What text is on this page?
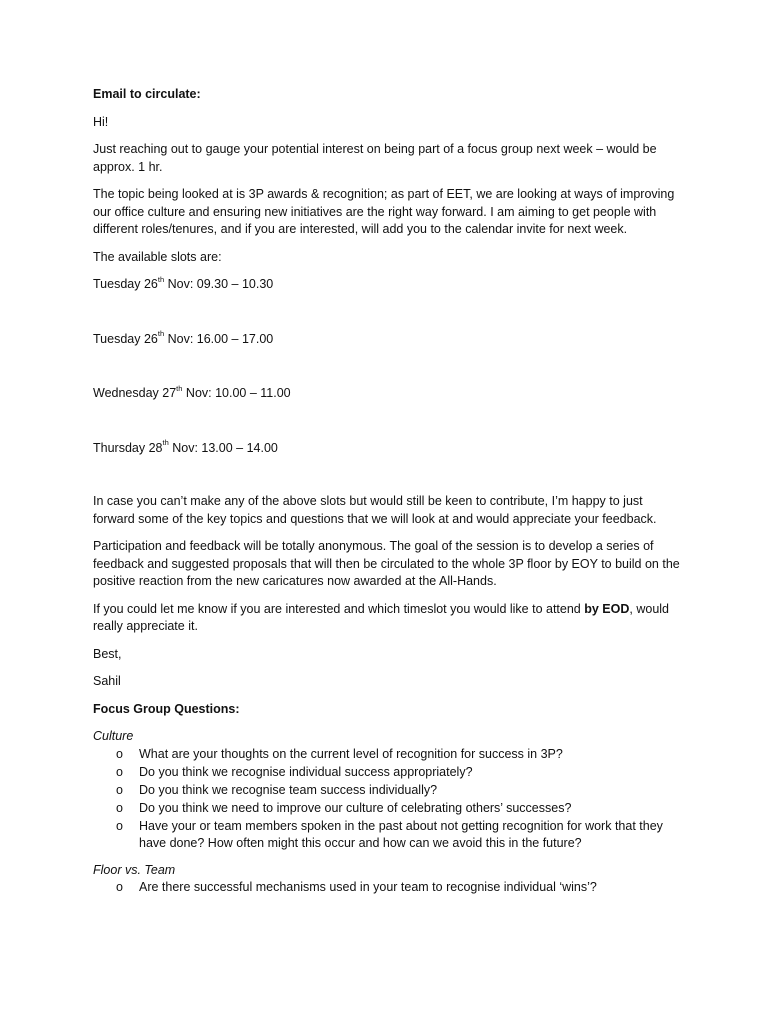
Email to circulate:

Hi!

Just reaching out to gauge your potential interest on being part of a focus group next week – would be approx. 1 hr.

The topic being looked at is 3P awards & recognition; as part of EET, we are looking at ways of improving our office culture and ensuring new initiatives are the right way forward. I am aiming to get people with different roles/tenures, and if you are interested, will add you to the calendar invite for next week.

The available slots are:

Tuesday 26th Nov: 09.30 – 10.30

Tuesday 26th Nov: 16.00 – 17.00

Wednesday 27th Nov: 10.00 – 11.00

Thursday 28th Nov: 13.00 – 14.00

In case you can’t make any of the above slots but would still be keen to contribute, I’m happy to just forward some of the key topics and questions that we will look at and would appreciate your feedback.

Participation and feedback will be totally anonymous. The goal of the session is to develop a series of feedback and suggested proposals that will then be circulated to the whole 3P floor by EOY to build on the positive reaction from the new caricatures now awarded at the All-Hands.

If you could let me know if you are interested and which timeslot you would like to attend by EOD, would really appreciate it.

Best,

Sahil

Focus Group Questions:

Culture
o What are your thoughts on the current level of recognition for success in 3P?
o Do you think we recognise individual success appropriately?
o Do you think we recognise team success individually?
o Do you think we need to improve our culture of celebrating others’ successes?
o Have your or team members spoken in the past about not getting recognition for work that they have done? How often might this occur and how can we avoid this in the future?
Floor vs. Team
o Are there successful mechanisms used in your team to recognise individual ‘wins’?
